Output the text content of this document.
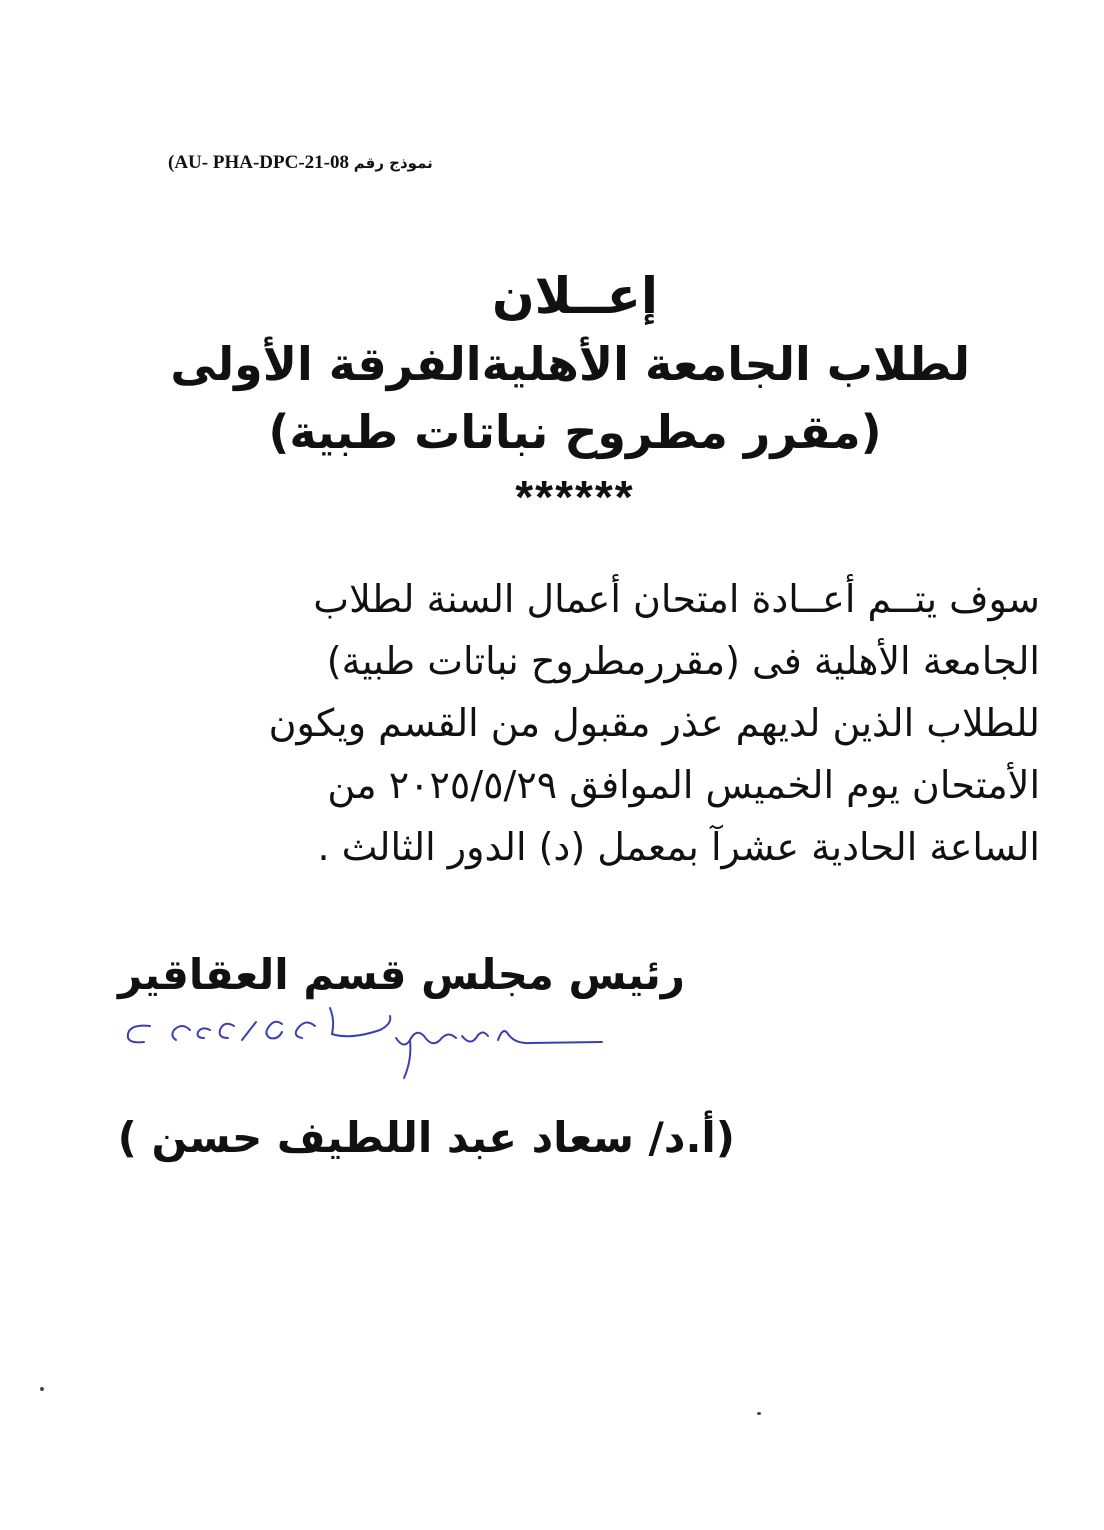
(AU- PHA-DPC-21-08 نموذج رقم
إعــلان
لطلاب الجامعة الأهليةالفرقة الأولى
(مقرر مطروح نباتات طبية)
******
سوف يتــم أعــادة امتحان أعمال السنة لطلاب
الجامعة الأهلية فى (مقررمطروح نباتات طبية)
للطلاب الذين لديهم عذر مقبول من القسم ويكون
الأمتحان يوم الخميس الموافق ٢٠٢٥/٥/٢٩ من
الساعة الحادية عشرآ بمعمل (د) الدور الثالث .
رئيس مجلس قسم العقاقير
(أ.د/ سعاد عبد اللطيف حسن )
